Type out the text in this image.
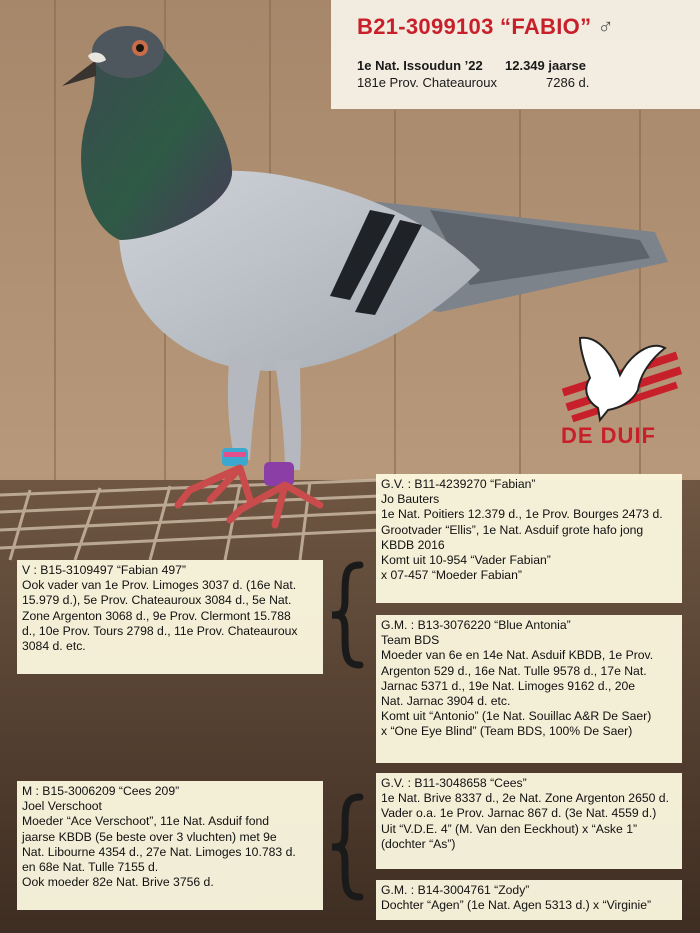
B21-3099103 “FABIO” ♂
1e Nat. Issoudun ’22 12.349 jaarse
181e Prov. Chateauroux	7286 d.
DE DUIF
G.V. : B11-4239270 “Fabian”
Jo Bauters
1e Nat. Poitiers 12.379 d., 1e Prov. Bourges 2473 d.
Grootvader “Ellis”, 1e Nat. Asduif grote hafo jong
KBDB 2016
Komt uit 10-954 “Vader Fabian”
x 07-457 “Moeder Fabian”
V : B15-3109497 “Fabian 497”
Ook vader van 1e Prov. Limoges 3037 d. (16e Nat.
15.979 d.), 5e Prov. Chateauroux 3084 d., 5e Nat.
Zone Argenton 3068 d., 9e Prov. Clermont 15.788
d., 10e Prov. Tours 2798 d., 11e Prov. Chateauroux
3084 d. etc.
G.M. : B13-3076220 “Blue Antonia”
Team BDS
Moeder van 6e en 14e Nat. Asduif KBDB, 1e Prov.
Argenton 529 d., 16e Nat. Tulle 9578 d., 17e Nat.
Jarnac 5371 d., 19e Nat. Limoges 9162 d., 20e
Nat. Jarnac 3904 d. etc.
Komt uit “Antonio” (1e Nat. Souillac A&R De Saer)
x “One Eye Blind” (Team BDS, 100% De Saer)
M : B15-3006209 “Cees 209”
Joel Verschoot
Moeder “Ace Verschoot”, 11e Nat. Asduif fond
jaarse KBDB (5e beste over 3 vluchten) met 9e
Nat. Libourne 4354 d., 27e Nat. Limoges 10.783 d.
en 68e Nat. Tulle 7155 d.
Ook moeder 82e Nat. Brive 3756 d.
G.V. : B11-3048658 “Cees”
1e Nat. Brive 8337 d., 2e Nat. Zone Argenton 2650 d.
Vader o.a. 1e Prov. Jarnac 867 d. (3e Nat. 4559 d.)
Uit “V.D.E. 4” (M. Van den Eeckhout) x “Aske 1”
(dochter “As”)
G.M. : B14-3004761 “Zody”
Dochter “Agen” (1e Nat. Agen 5313 d.) x “Virginie”
